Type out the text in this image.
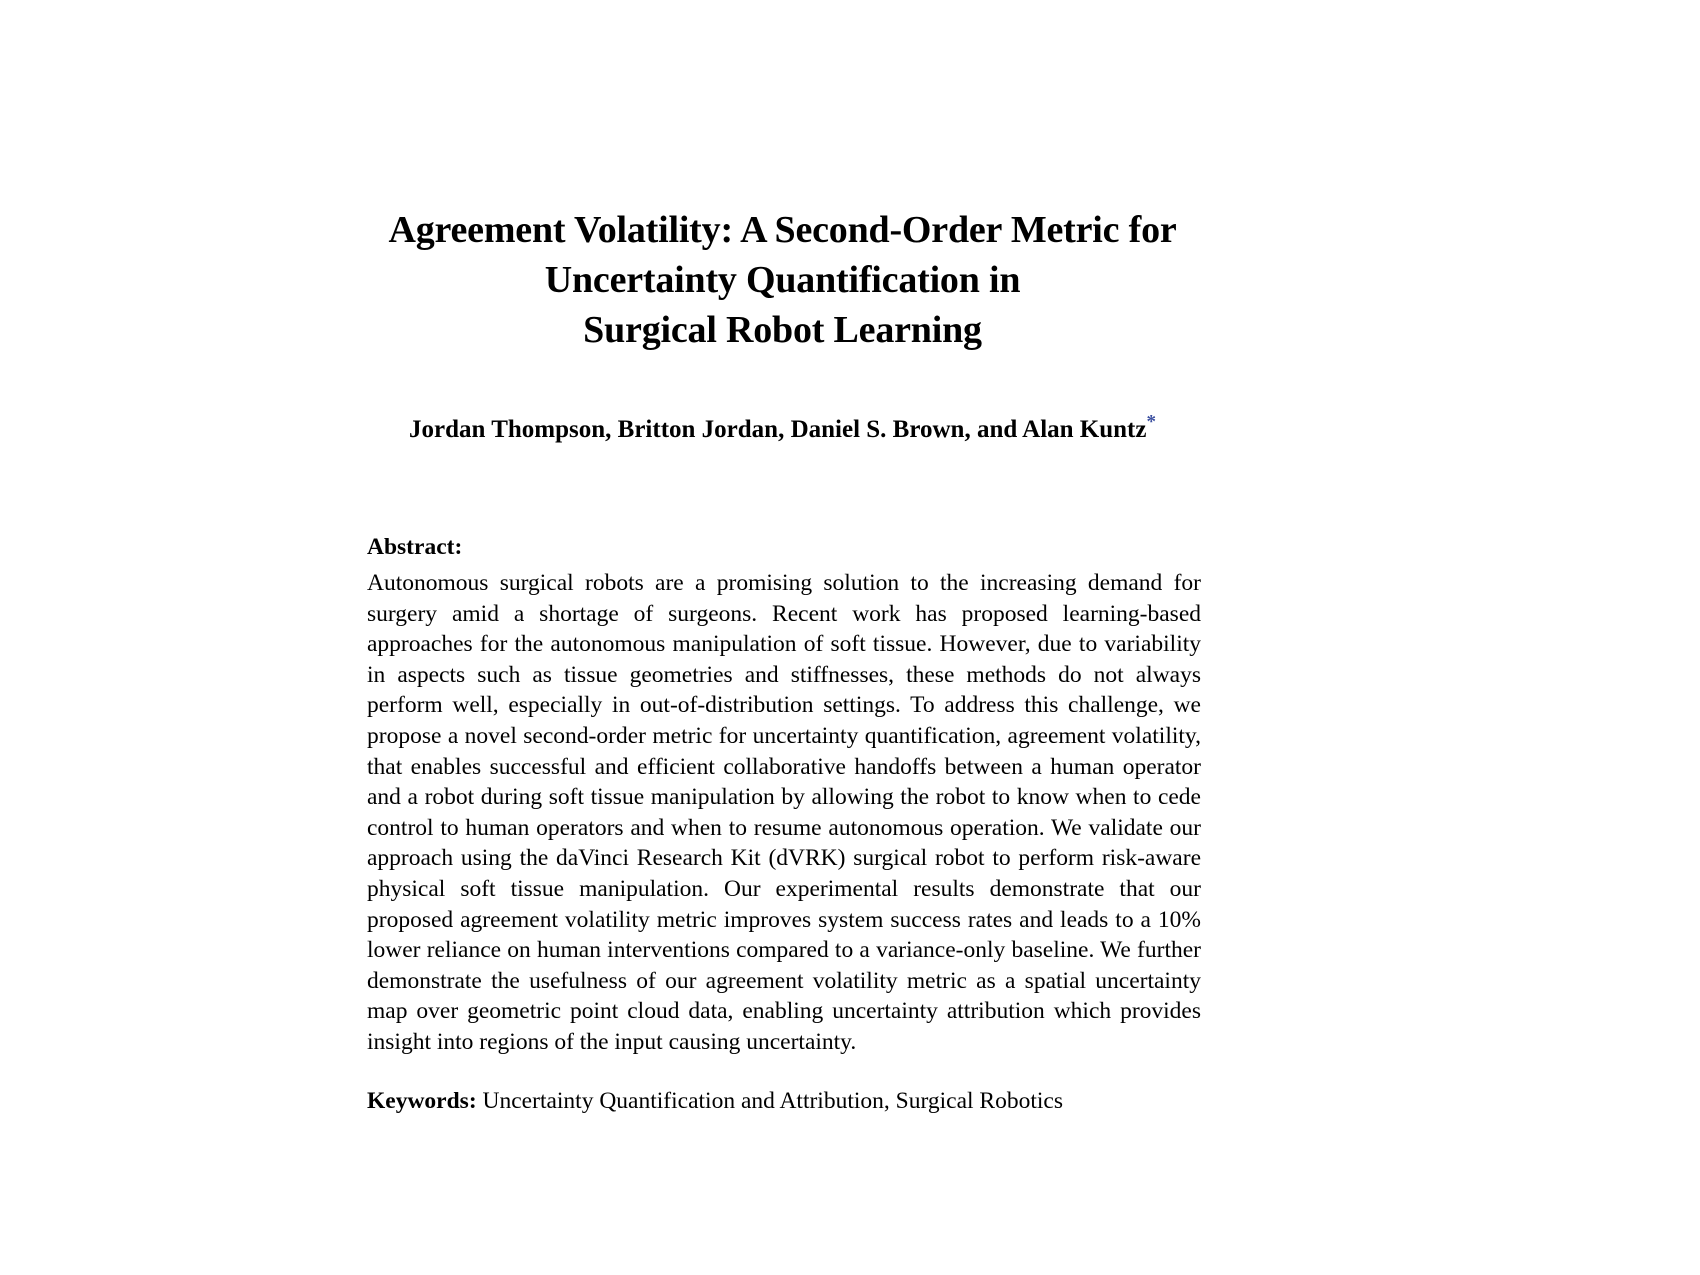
Agreement Volatility: A Second-Order Metric for
Uncertainty Quantification in
Surgical Robot Learning
Jordan Thompson, Britton Jordan, Daniel S. Brown, and Alan Kuntz*
Abstract:

Autonomous surgical robots are a promising solution to the increasing demand for surgery amid a shortage of surgeons. Recent work has proposed learning-based approaches for the autonomous manipulation of soft tissue. However, due to variability in aspects such as tissue geometries and stiffnesses, these methods do not always perform well, especially in out-of-distribution settings. To address this challenge, we propose a novel second-order metric for uncertainty quantification, agreement volatility, that enables successful and efficient collaborative handoffs between a human operator and a robot during soft tissue manipulation by allowing the robot to know when to cede control to human operators and when to resume autonomous operation. We validate our approach using the daVinci Research Kit (dVRK) surgical robot to perform risk-aware physical soft tissue manipulation. Our experimental results demonstrate that our proposed agreement volatility metric improves system success rates and leads to a 10% lower reliance on human interventions compared to a variance-only baseline. We further demonstrate the usefulness of our agreement volatility metric as a spatial uncertainty map over geometric point cloud data, enabling uncertainty attribution which provides insight into regions of the input causing uncertainty.

Keywords: Uncertainty Quantification and Attribution, Surgical Robotics
